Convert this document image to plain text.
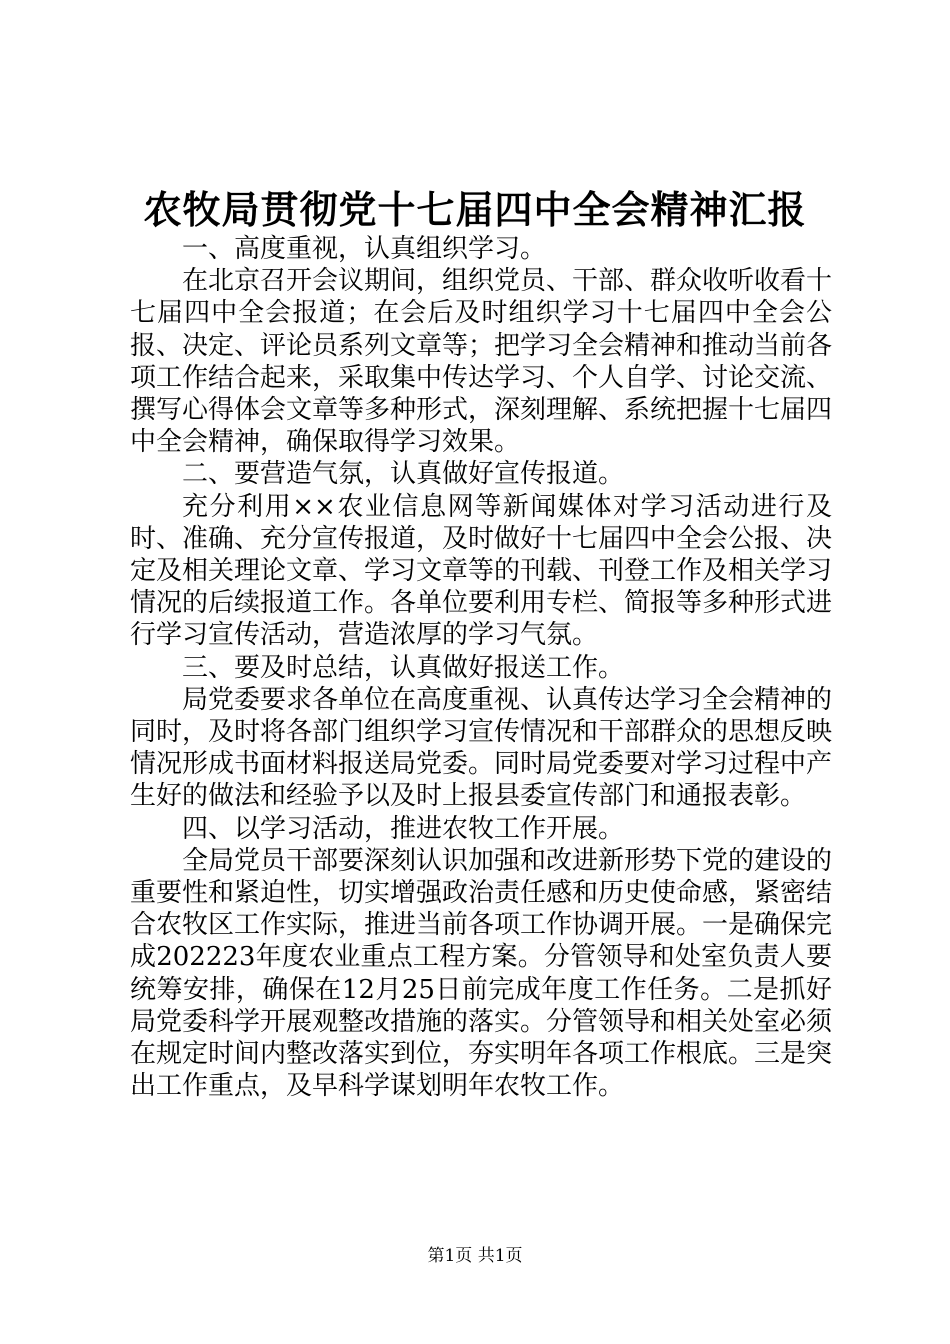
农牧局贯彻党十七届四中全会精神汇报

一、高度重视，认真组织学习。

在北京召开会议期间，组织党员、干部、群众收听收看十七届四中全会报道；在会后及时组织学习十七届四中全会公报、决定、评论员系列文章等；把学习全会精神和推动当前各项工作结合起来，采取集中传达学习、个人自学、讨论交流、撰写心得体会文章等多种形式，深刻理解、系统把握十七届四中全会精神，确保取得学习效果。

二、要营造气氛，认真做好宣传报道。

充分利用××农业信息网等新闻媒体对学习活动进行及时、准确、充分宣传报道，及时做好十七届四中全会公报、决定及相关理论文章、学习文章等的刊载、刊登工作及相关学习情况的后续报道工作。各单位要利用专栏、简报等多种形式进行学习宣传活动，营造浓厚的学习气氛。

三、要及时总结，认真做好报送工作。

局党委要求各单位在高度重视、认真传达学习全会精神的同时，及时将各部门组织学习宣传情况和干部群众的思想反映情况形成书面材料报送局党委。同时局党委要对学习过程中产生好的做法和经验予以及时上报县委宣传部门和通报表彰。

四、以学习活动，推进农牧工作开展。

全局党员干部要深刻认识加强和改进新形势下党的建设的重要性和紧迫性，切实增强政治责任感和历史使命感，紧密结合农牧区工作实际，推进当前各项工作协调开展。一是确保完成202223年度农业重点工程方案。分管领导和处室负责人要统筹安排，确保在12月25日前完成年度工作任务。二是抓好局党委科学开展观整改措施的落实。分管领导和相关处室必须在规定时间内整改落实到位，夯实明年各项工作根底。三是突出工作重点，及早科学谋划明年农牧工作。

第1页 共1页
